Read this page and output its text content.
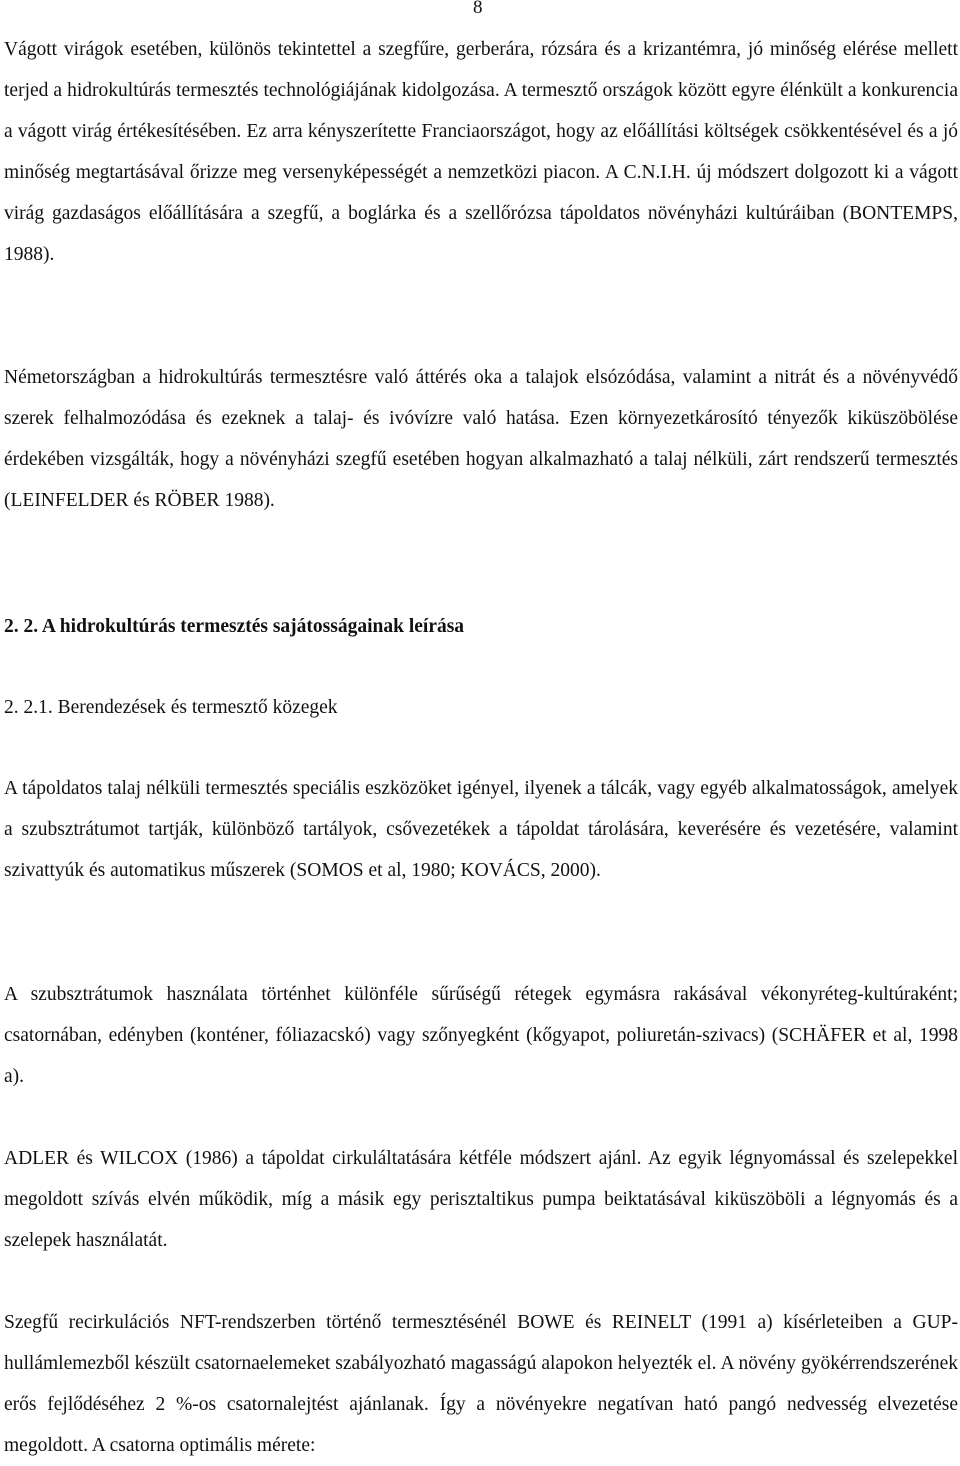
8
Vágott virágok esetében, különös tekintettel a szegfűre, gerberára, rózsára és a krizantémra, jó minőség elérése mellett terjed a hidrokultúrás termesztés technológiájának kidolgozása. A termesztő országok között egyre élénkült a konkurencia a vágott virág értékesítésében. Ez arra kényszerítette Franciaországot, hogy az előállítási költségek csökkentésével és a jó minőség megtartásával őrizze meg versenyképességét a nemzetközi piacon. A C.N.I.H. új módszert dolgozott ki a vágott virág gazdaságos előállítására a szegfű, a boglárka és a szellőrózsa tápoldatos növényházi kultúráiban (BONTEMPS, 1988).
Németországban a hidrokultúrás termesztésre való áttérés oka a talajok elsózódása, valamint a nitrát és a növényvédő szerek felhalmozódása és ezeknek a talaj- és ivóvízre való hatása. Ezen környezetkárosító tényezők kiküszöbölése érdekében vizsgálták, hogy a növényházi szegfű esetében hogyan alkalmazható a talaj nélküli, zárt rendszerű termesztés (LEINFELDER és RÖBER 1988).
2. 2. A hidrokultúrás termesztés sajátosságainak leírása
2. 2.1. Berendezések és termesztő közegek
A tápoldatos talaj nélküli termesztés speciális eszközöket igényel, ilyenek a tálcák, vagy egyéb alkalmatosságok, amelyek a szubsztrátumot tartják, különböző tartályok, csővezetékek a tápoldat tárolására, keverésére és vezetésére, valamint szivattyúk és automatikus műszerek (SOMOS et al, 1980; KOVÁCS, 2000).
A szubsztrátumok használata történhet különféle sűrűségű rétegek egymásra rakásával vékonyréteg-kultúraként; csatornában, edényben (konténer, fóliazacskó) vagy szőnyegként (kőgyapot, poliuretán-szivacs) (SCHÄFER et al, 1998 a).
ADLER és WILCOX (1986) a tápoldat cirkuláltatására kétféle módszert ajánl. Az egyik légnyomással és szelepekkel megoldott szívás elvén működik, míg a másik egy perisztaltikus pumpa beiktatásával kiküszöböli a légnyomás és a szelepek használatát.
Szegfű recirkulációs NFT-rendszerben történő termesztésénél BOWE és REINELT (1991 a) kísérleteiben a GUP-hullámlemezből készült csatornaelemeket szabályozható magasságú alapokon helyezték el. A növény gyökérrendszerének erős fejlődéséhez 2 %-os csatornalejtést ajánlanak. Így a növényekre negatívan ható pangó nedvesség elvezetése megoldott. A csatorna optimális mérete:
